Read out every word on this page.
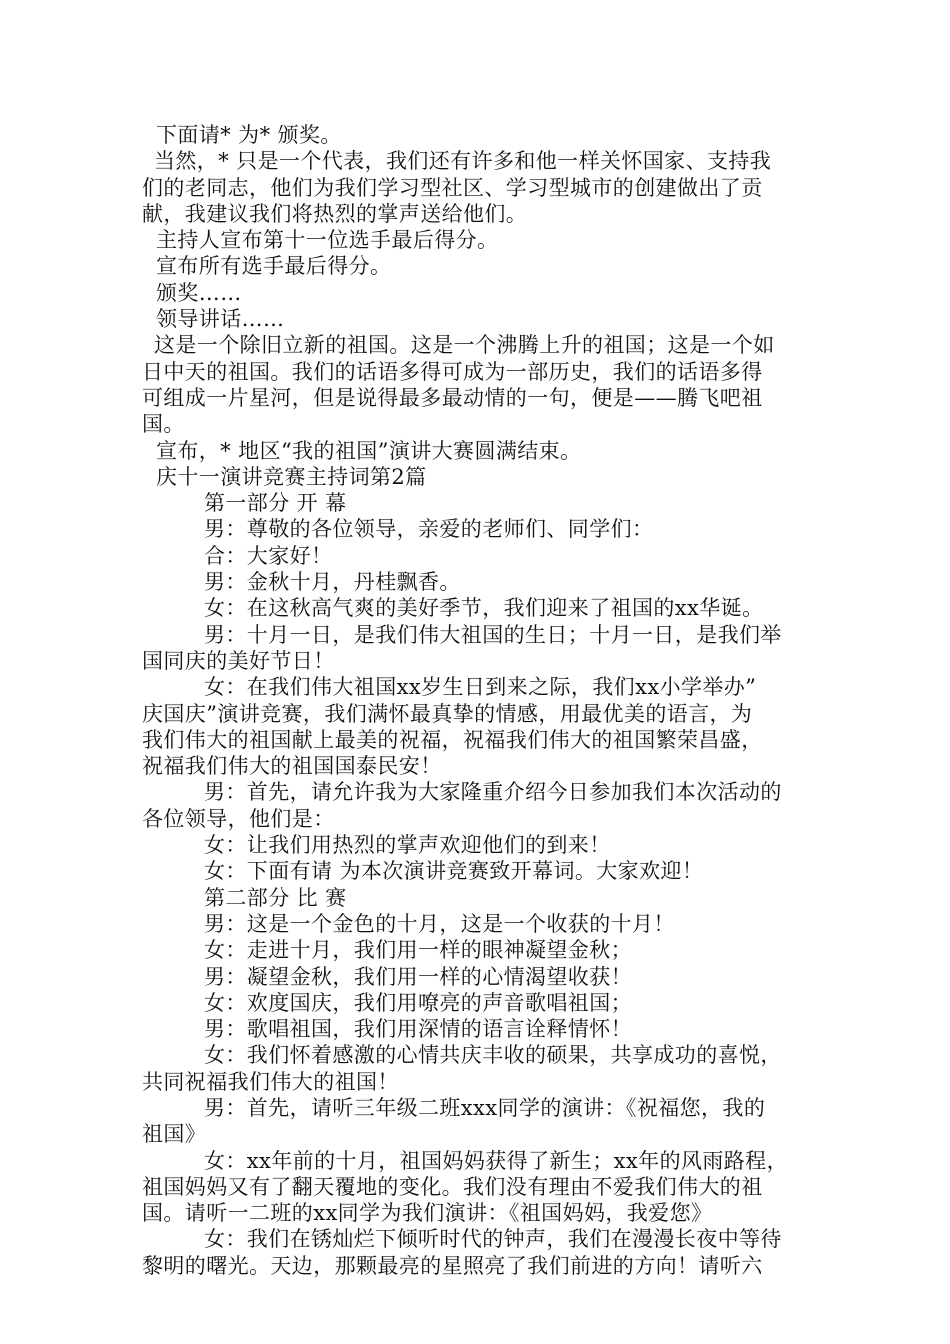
下面请* 为* 颁奖。
当然，* 只是一个代表，我们还有许多和他一样关怀国家、支持我
们的老同志，他们为我们学习型社区、学习型城市的创建做出了贡
献，我建议我们将热烈的掌声送给他们。
主持人宣布第十一位选手最后得分。
宣布所有选手最后得分。
颁奖……
领导讲话……
这是一个除旧立新的祖国。这是一个沸腾上升的祖国；这是一个如
日中天的祖国。我们的话语多得可成为一部历史，我们的话语多得
可组成一片星河，但是说得最多最动情的一句，便是——腾飞吧祖
国。
宣布，* 地区“我的祖国”演讲大赛圆满结束。
庆十一演讲竞赛主持词第2篇
第一部分 开 幕
男：尊敬的各位领导，亲爱的老师们、同学们：
合：大家好！
男：金秋十月，丹桂飘香。
女：在这秋高气爽的美好季节，我们迎来了祖国的xx华诞。
男：十月一日，是我们伟大祖国的生日；十月一日，是我们举
国同庆的美好节日！
女：在我们伟大祖国xx岁生日到来之际，我们xx小学举办”
庆国庆”演讲竞赛，我们满怀最真挚的情感，用最优美的语言，为
我们伟大的祖国献上最美的祝福，祝福我们伟大的祖国繁荣昌盛，
祝福我们伟大的祖国国泰民安！
男：首先，请允许我为大家隆重介绍今日参加我们本次活动的
各位领导，他们是：
女：让我们用热烈的掌声欢迎他们的到来！
女：下面有请 为本次演讲竞赛致开幕词。大家欢迎！
第二部分 比 赛
男：这是一个金色的十月，这是一个收获的十月！
女：走进十月，我们用一样的眼神凝望金秋；
男：凝望金秋，我们用一样的心情渴望收获！
女：欢度国庆，我们用嘹亮的声音歌唱祖国；
男：歌唱祖国，我们用深情的语言诠释情怀！
女：我们怀着感激的心情共庆丰收的硕果，共享成功的喜悦，
共同祝福我们伟大的祖国！
男：首先，请听三年级二班xxx同学的演讲：《祝福您，我的
祖国》
女：xx年前的十月，祖国妈妈获得了新生；xx年的风雨路程，
祖国妈妈又有了翻天覆地的变化。我们没有理由不爱我们伟大的祖
国。请听一二班的xx同学为我们演讲：《祖国妈妈，我爱您》
女：我们在锈灿烂下倾听时代的钟声，我们在漫漫长夜中等待
黎明的曙光。天边，那颗最亮的星照亮了我们前进的方向！请听六
